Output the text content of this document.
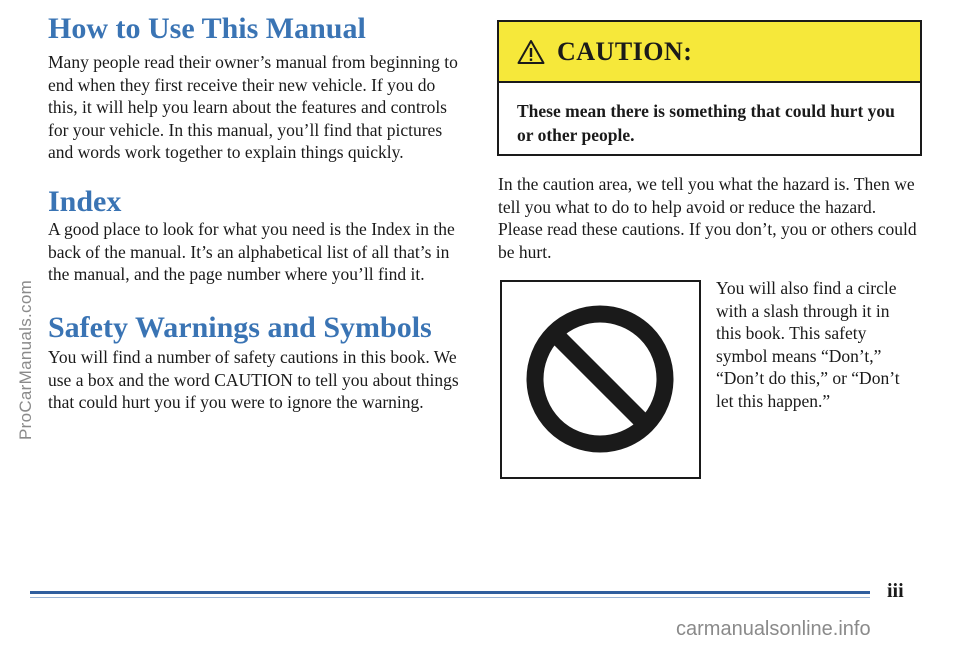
How to Use This Manual

Many people read their owner’s manual from beginning to end when they first receive their new vehicle. If you do this, it will help you learn about the features and controls for your vehicle. In this manual, you’ll find that pictures and words work together to explain things quickly.

Index

A good place to look for what you need is the Index in the back of the manual. It’s an alphabetical list of all that’s in the manual, and the page number where you’ll find it.

Safety Warnings and Symbols

You will find a number of safety cautions in this book. We use a box and the word CAUTION to tell you about things that could hurt you if you were to ignore the warning.

CAUTION:

These mean there is something that could hurt you or other people.

In the caution area, we tell you what the hazard is. Then we tell you what to do to help avoid or reduce the hazard. Please read these cautions. If you don’t, you or others could be hurt.

You will also find a circle with a slash through it in this book. This safety symbol means “Don’t,” “Don’t do this,” or “Don’t let this happen.”

iii
ProCarManuals.com
carmanualsonline.info
